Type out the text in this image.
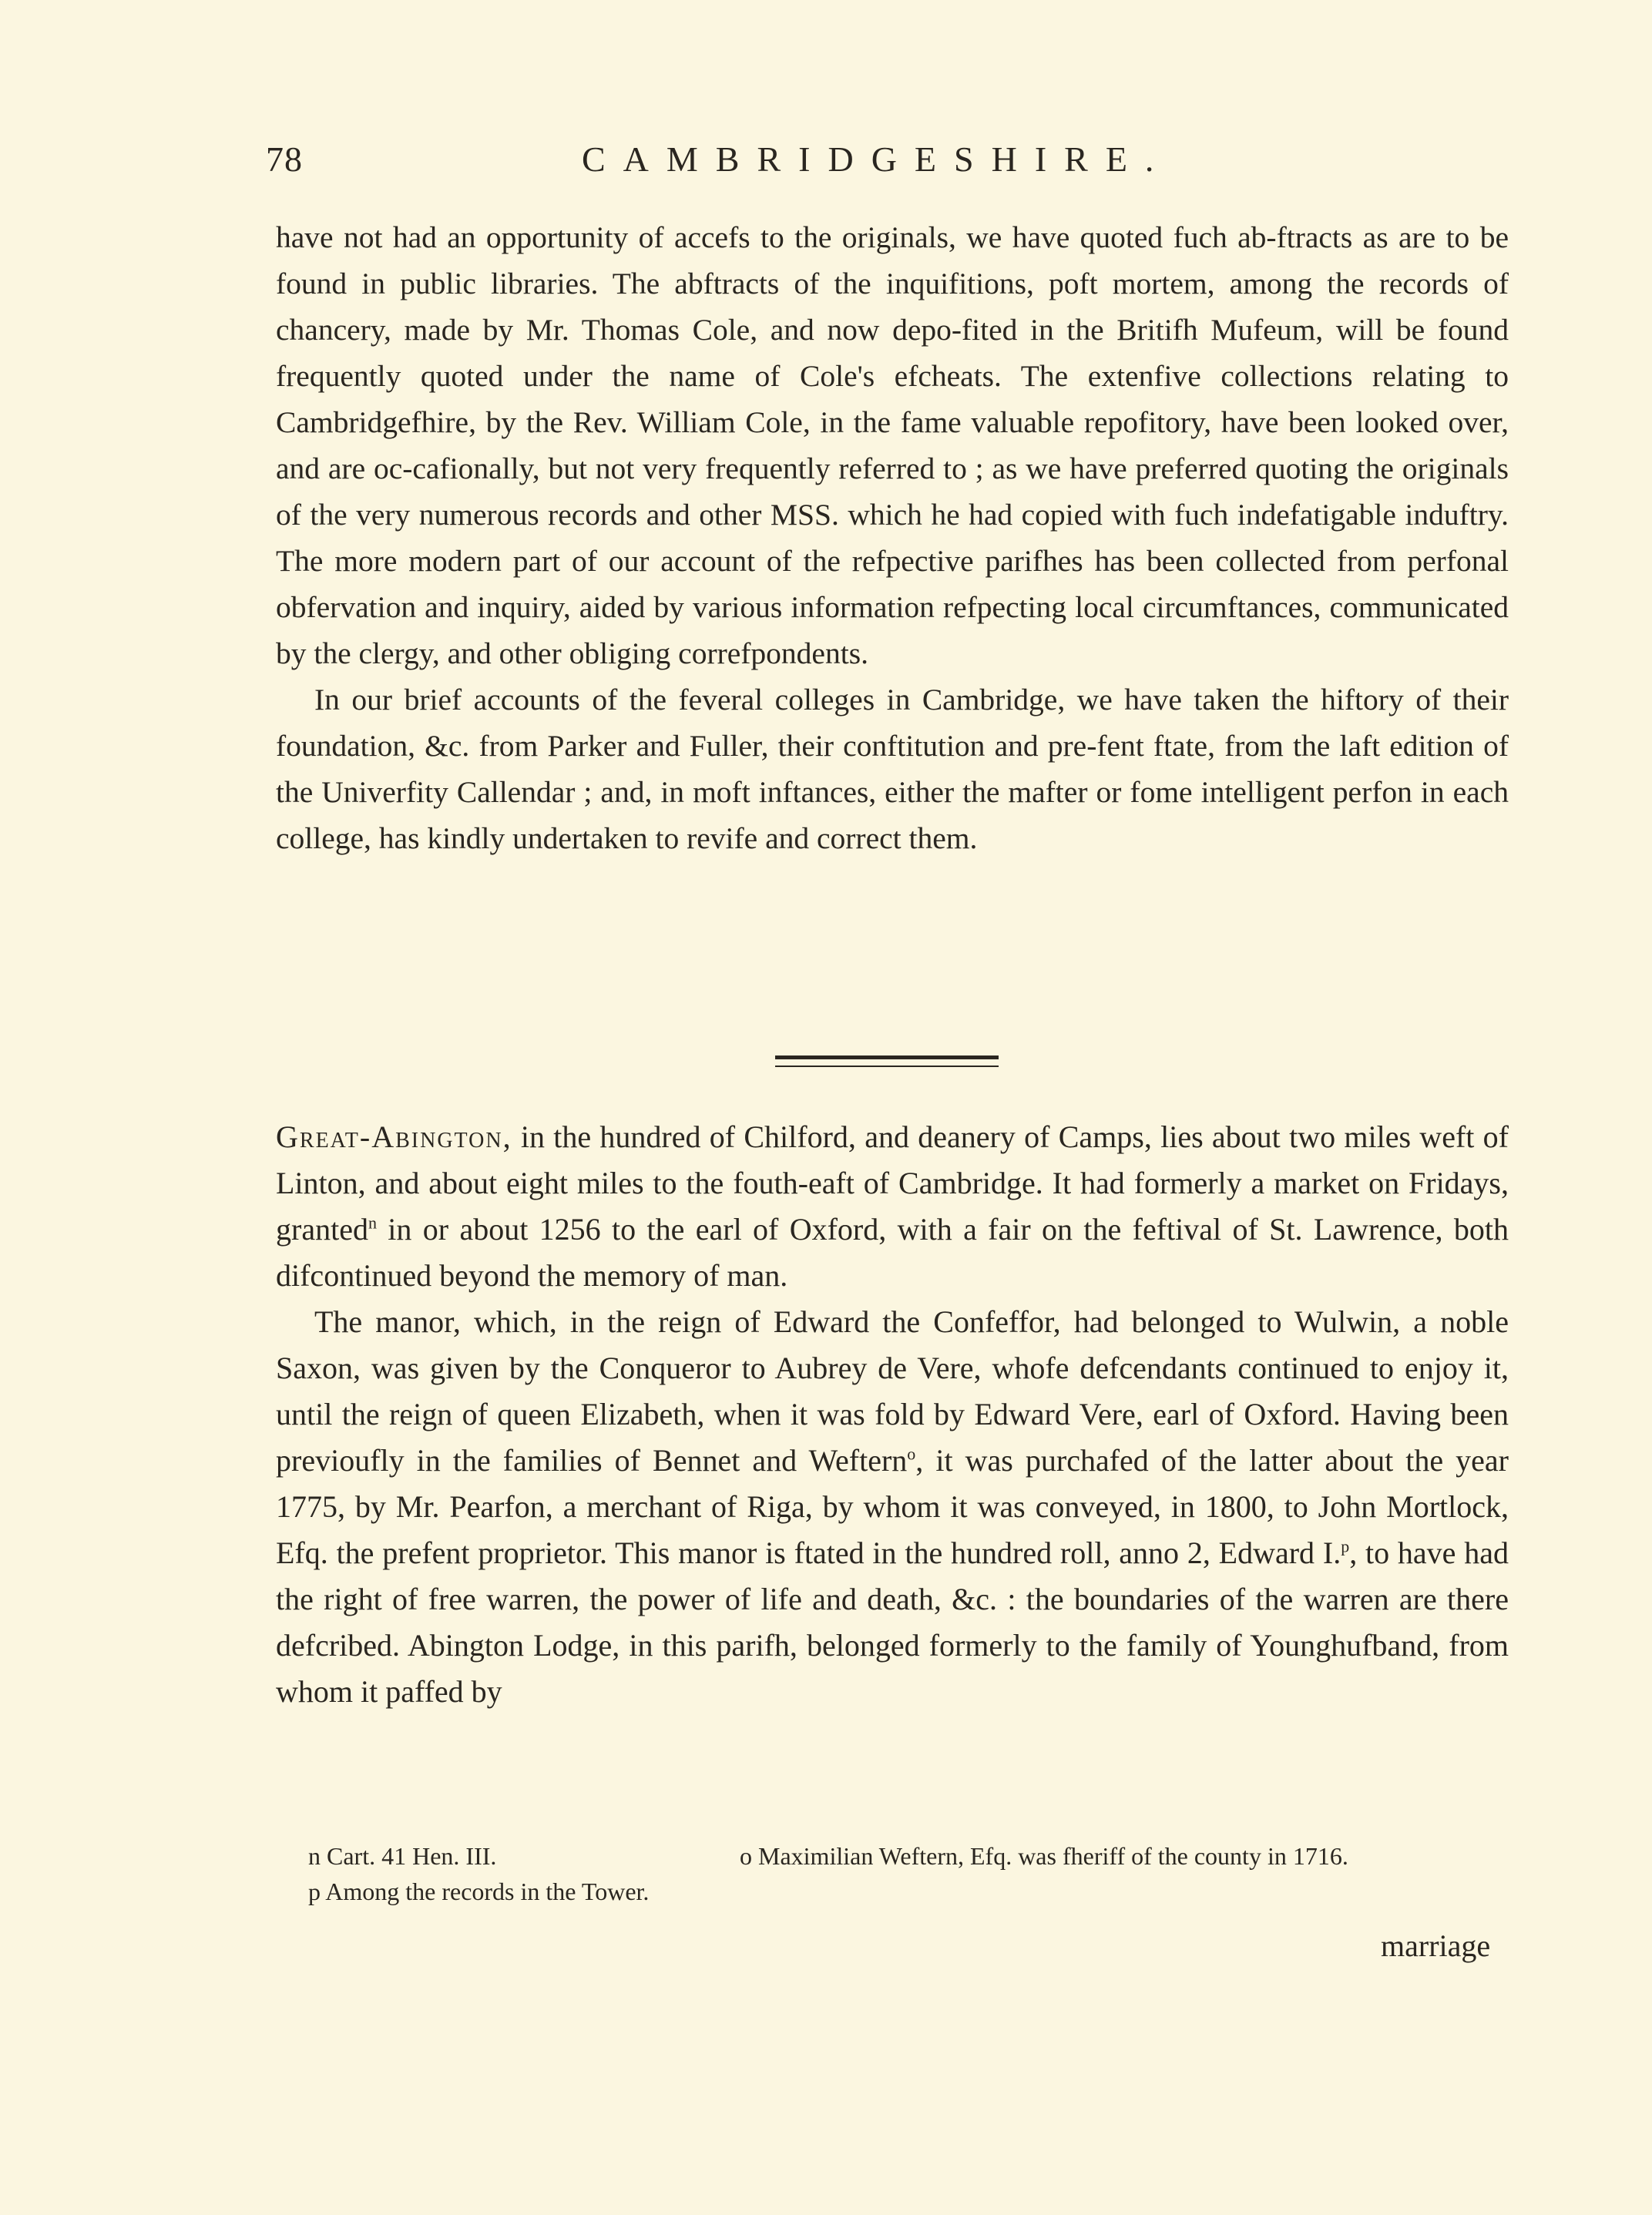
78	CAMBRIDGESHIRE.

have not had an opportunity of accefs to the originals, we have quoted fuch ab-ftracts as are to be found in public libraries. The abftracts of the inquifitions, poft mortem, among the records of chancery, made by Mr. Thomas Cole, and now depo-fited in the Britifh Mufeum, will be found frequently quoted under the name of Cole's efcheats. The extenfive collections relating to Cambridgefhire, by the Rev. William Cole, in the fame valuable repofitory, have been looked over, and are oc-cafionally, but not very frequently referred to ; as we have preferred quoting the originals of the very numerous records and other MSS. which he had copied with fuch indefatigable induftry. The more modern part of our account of the refpective parifhes has been collected from perfonal obfervation and inquiry, aided by various information refpecting local circumftances, communicated by the clergy, and other obliging correfpondents.

In our brief accounts of the feveral colleges in Cambridge, we have taken the hiftory of their foundation, &c. from Parker and Fuller, their conftitution and pre-fent ftate, from the laft edition of the Univerfity Callendar ; and, in moft inftances, either the mafter or fome intelligent perfon in each college, has kindly undertaken to revife and correct them.

Great-Abington, in the hundred of Chilford, and deanery of Camps, lies about two miles weft of Linton, and about eight miles to the fouth-eaft of Cambridge. It had formerly a market on Fridays, granted$^n$ in or about 1256 to the earl of Oxford, with a fair on the feftival of St. Lawrence, both difcontinued beyond the memory of man.

The manor, which, in the reign of Edward the Confeffor, had belonged to Wulwin, a noble Saxon, was given by the Conqueror to Aubrey de Vere, whofe defcendants continued to enjoy it, until the reign of queen Elizabeth, when it was fold by Edward Vere, earl of Oxford. Having been previoufly in the families of Bennet and Weftern$^o$, it was purchafed of the latter about the year 1775, by Mr. Pearfon, a merchant of Riga, by whom it was conveyed, in 1800, to John Mortlock, Efq. the prefent proprietor. This manor is ftated in the hundred roll, anno 2, Edward I.$^p$, to have had the right of free warren, the power of life and death, &c. : the boundaries of the warren are there defcribed. Abington Lodge, in this parifh, belonged formerly to the family of Younghufband, from whom it paffed by

n Cart. 41 Hen. III.	o Maximilian Weftern, Efq. was fheriff of the county in 1716.
p Among the records in the Tower.
marriage
